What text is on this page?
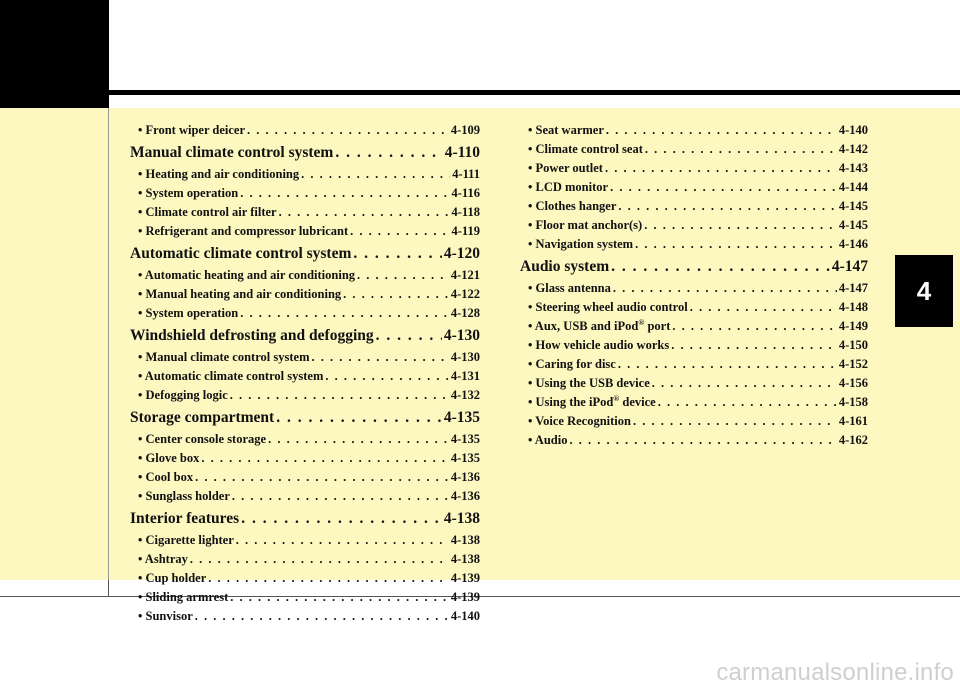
• Front wiper deicer . . .	4-109
Manual climate control system . . .	4-110
• Heating and air conditioning . . .	4-111
• System operation . . .	4-116
• Climate control air filter . . .	4-118
• Refrigerant and compressor lubricant . . .	4-119
Automatic climate control system . . .	4-120
• Automatic heating and air conditioning . . .	4-121
• Manual heating and air conditioning . . .	4-122
• System operation . . .	4-128
Windshield defrosting and defogging . . .	4-130
• Manual climate control system . . .	4-130
• Automatic climate control system . . .	4-131
• Defogging logic . . .	4-132
Storage compartment . . .	4-135
• Center console storage . . .	4-135
• Glove box . . .	4-135
• Cool box . . .	4-136
• Sunglass holder . . .	4-136
Interior features . . .	4-138
• Cigarette lighter . . .	4-138
• Ashtray . . .	4-138
• Cup holder . . .	4-139
• Sliding armrest . . .	4-139
• Sunvisor . . .	4-140
• Seat warmer . . .	4-140
• Climate control seat . . .	4-142
• Power outlet . . .	4-143
• LCD monitor . . .	4-144
• Clothes hanger . . .	4-145
• Floor mat anchor(s) . . .	4-145
• Navigation system . . .	4-146
Audio system . . .	4-147
• Glass antenna . . .	4-147
• Steering wheel audio control . . .	4-148
• Aux, USB and iPod® port . . .	4-149
• How vehicle audio works . . .	4-150
• Caring for disc . . .	4-152
• Using the USB device . . .	4-156
• Using the iPod® device . . .	4-158
• Voice Recognition . . .	4-161
• Audio . . .	4-162
4
carmanualsonline.info
